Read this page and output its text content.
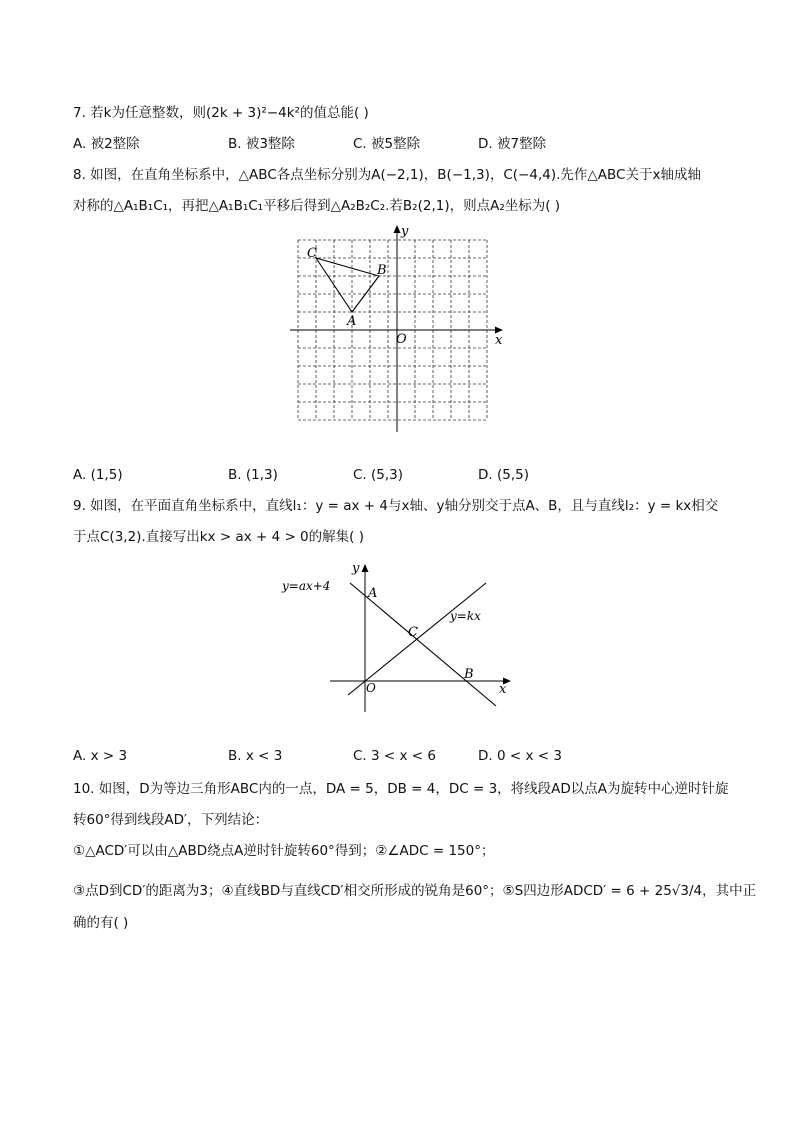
7. 若k为任意整数，则(2k + 3)²−4k²的值总能( )
A. 被2整除	B. 被3整除	C. 被5整除	D. 被7整除
8. 如图，在直角坐标系中，△ABC各点坐标分别为A(−2,1)，B(−1,3)，C(−4,4).先作△ABC关于x轴成轴
对称的△A₁B₁C₁，再把△A₁B₁C₁平移后得到△A₂B₂C₂.若B₂(2,1)，则点A₂坐标为( )
C
B
A
O	x
y
A. (1,5)	B. (1,3)	C. (5,3)	D. (5,5)
9. 如图，在平面直角坐标系中，直线l₁：y = ax + 4与x轴、y轴分别交于点A、B，且与直线l₂：y = kx相交
于点C(3,2).直接写出kx > ax + 4 > 0的解集( )
y=ax+4
y=kx
A
C
B
O	x
y
A. x > 3	B. x < 3	C. 3 < x < 6	D. 0 < x < 3
10. 如图，D为等边三角形ABC内的一点，DA = 5，DB = 4，DC = 3，将线段AD以点A为旋转中心逆时针旋
转60°得到线段AD′，下列结论：
①△ACD′可以由△ABD绕点A逆时针旋转60°得到；②∠ADC = 150°；
③点D到CD′的距离为3；④直线BD与直线CD′相交所形成的锐角是60°；⑤S四边形ADCD′ = 6 + 25√3/4，其中正
确的有( )
